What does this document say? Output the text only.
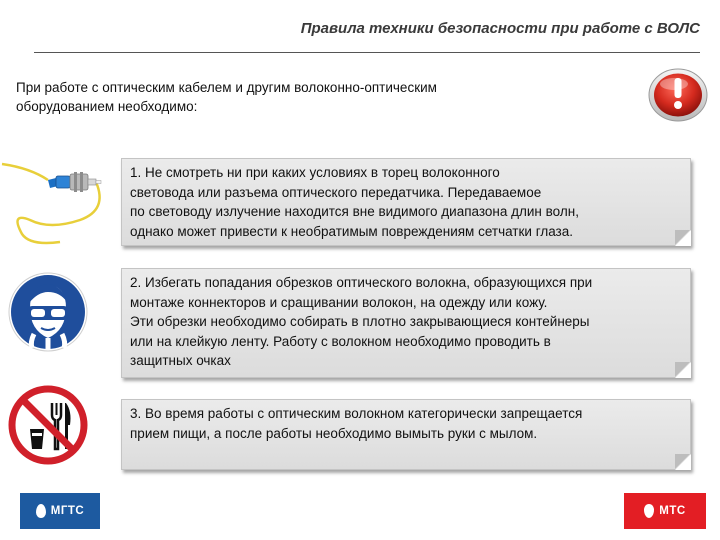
Правила техники безопасности при работе с ВОЛС
При работе с оптическим кабелем и другим волоконно-оптическим
оборудованием необходимо:
1. Не смотреть ни при каких условиях в торец волоконного
световода или разъема оптического передатчика. Передаваемое
по световоду излучение находится вне видимого диапазона длин волн,
однако может привести к необратимым повреждениям сетчатки глаза.
2. Избегать попадания обрезков оптического волокна, образующихся при
монтаже коннекторов и сращивании волокон, на одежду или кожу.
Эти обрезки необходимо собирать в плотно закрывающиеся контейнеры
или на клейкую ленту. Работу с волокном необходимо проводить в
защитных очках
3. Во время работы с оптическим волокном категорически запрещается
прием пищи, а после работы необходимо вымыть руки с мылом.
МГТС	МТС
